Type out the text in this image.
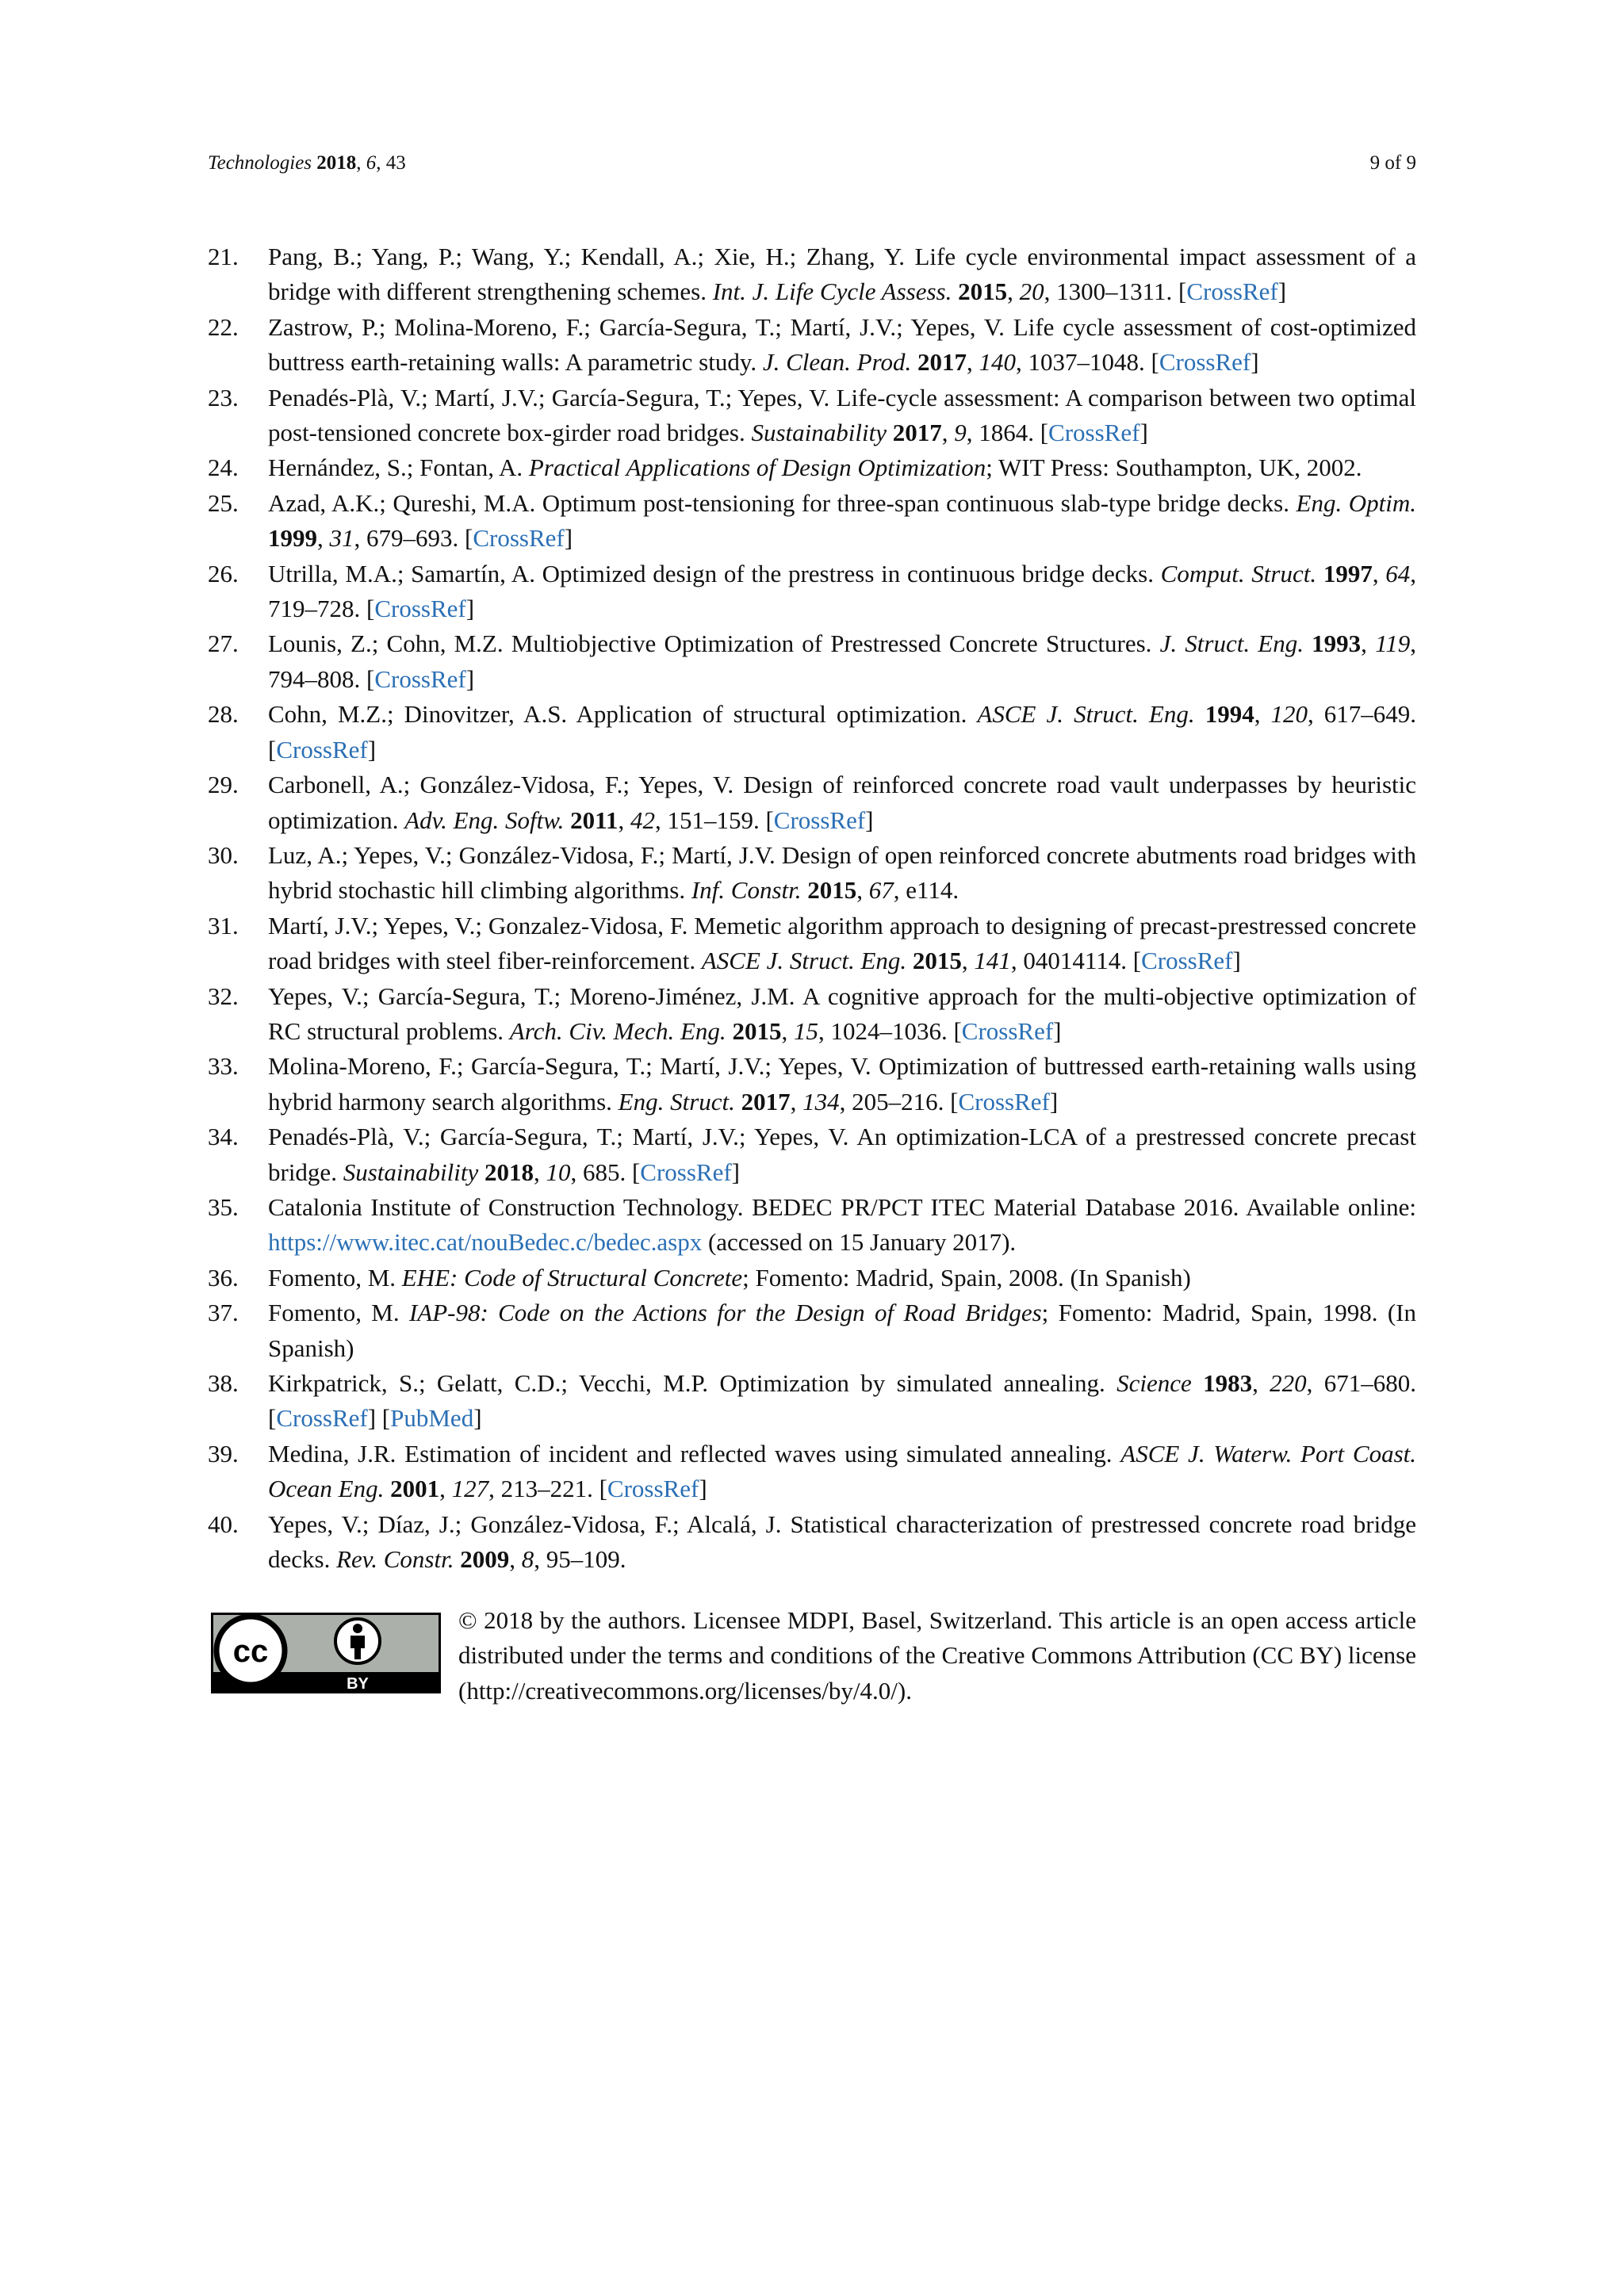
Technologies 2018, 6, 43	9 of 9
21. Pang, B.; Yang, P.; Wang, Y.; Kendall, A.; Xie, H.; Zhang, Y. Life cycle environmental impact assessment of a bridge with different strengthening schemes. Int. J. Life Cycle Assess. 2015, 20, 1300–1311. [CrossRef]
22. Zastrow, P.; Molina-Moreno, F.; García-Segura, T.; Martí, J.V.; Yepes, V. Life cycle assessment of cost-optimized buttress earth-retaining walls: A parametric study. J. Clean. Prod. 2017, 140, 1037–1048. [CrossRef]
23. Penadés-Plà, V.; Martí, J.V.; García-Segura, T.; Yepes, V. Life-cycle assessment: A comparison between two optimal post-tensioned concrete box-girder road bridges. Sustainability 2017, 9, 1864. [CrossRef]
24. Hernández, S.; Fontan, A. Practical Applications of Design Optimization; WIT Press: Southampton, UK, 2002.
25. Azad, A.K.; Qureshi, M.A. Optimum post-tensioning for three-span continuous slab-type bridge decks. Eng. Optim. 1999, 31, 679–693. [CrossRef]
26. Utrilla, M.A.; Samartín, A. Optimized design of the prestress in continuous bridge decks. Comput. Struct. 1997, 64, 719–728. [CrossRef]
27. Lounis, Z.; Cohn, M.Z. Multiobjective Optimization of Prestressed Concrete Structures. J. Struct. Eng. 1993, 119, 794–808. [CrossRef]
28. Cohn, M.Z.; Dinovitzer, A.S. Application of structural optimization. ASCE J. Struct. Eng. 1994, 120, 617–649. [CrossRef]
29. Carbonell, A.; González-Vidosa, F.; Yepes, V. Design of reinforced concrete road vault underpasses by heuristic optimization. Adv. Eng. Softw. 2011, 42, 151–159. [CrossRef]
30. Luz, A.; Yepes, V.; González-Vidosa, F.; Martí, J.V. Design of open reinforced concrete abutments road bridges with hybrid stochastic hill climbing algorithms. Inf. Constr. 2015, 67, e114.
31. Martí, J.V.; Yepes, V.; Gonzalez-Vidosa, F. Memetic algorithm approach to designing of precast-prestressed concrete road bridges with steel fiber-reinforcement. ASCE J. Struct. Eng. 2015, 141, 04014114. [CrossRef]
32. Yepes, V.; García-Segura, T.; Moreno-Jiménez, J.M. A cognitive approach for the multi-objective optimization of RC structural problems. Arch. Civ. Mech. Eng. 2015, 15, 1024–1036. [CrossRef]
33. Molina-Moreno, F.; García-Segura, T.; Martí, J.V.; Yepes, V. Optimization of buttressed earth-retaining walls using hybrid harmony search algorithms. Eng. Struct. 2017, 134, 205–216. [CrossRef]
34. Penadés-Plà, V.; García-Segura, T.; Martí, J.V.; Yepes, V. An optimization-LCA of a prestressed concrete precast bridge. Sustainability 2018, 10, 685. [CrossRef]
35. Catalonia Institute of Construction Technology. BEDEC PR/PCT ITEC Material Database 2016. Available online: https://www.itec.cat/nouBedec.c/bedec.aspx (accessed on 15 January 2017).
36. Fomento, M. EHE: Code of Structural Concrete; Fomento: Madrid, Spain, 2008. (In Spanish)
37. Fomento, M. IAP-98: Code on the Actions for the Design of Road Bridges; Fomento: Madrid, Spain, 1998. (In Spanish)
38. Kirkpatrick, S.; Gelatt, C.D.; Vecchi, M.P. Optimization by simulated annealing. Science 1983, 220, 671–680. [CrossRef] [PubMed]
39. Medina, J.R. Estimation of incident and reflected waves using simulated annealing. ASCE J. Waterw. Port Coast. Ocean Eng. 2001, 127, 213–221. [CrossRef]
40. Yepes, V.; Díaz, J.; González-Vidosa, F.; Alcalá, J. Statistical characterization of prestressed concrete road bridge decks. Rev. Constr. 2009, 8, 95–109.
cc
BY
© 2018 by the authors. Licensee MDPI, Basel, Switzerland. This article is an open access article distributed under the terms and conditions of the Creative Commons Attribution (CC BY) license (http://creativecommons.org/licenses/by/4.0/).
